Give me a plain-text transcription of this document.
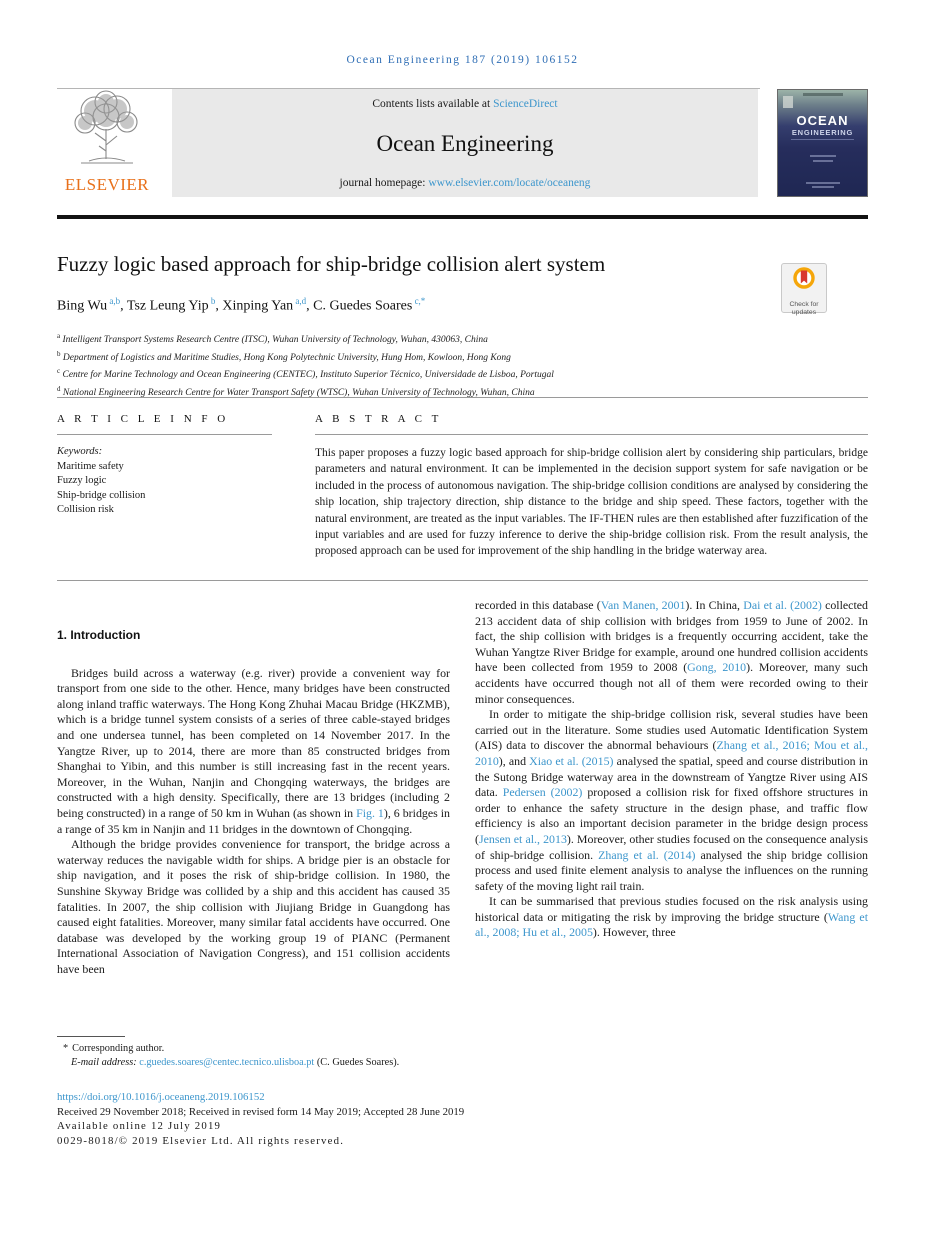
Ocean Engineering 187 (2019) 106152
ELSEVIER
Contents lists available at ScienceDirect
Ocean Engineering
journal homepage: www.elsevier.com/locate/oceaneng
OCEAN
ENGINEERING
Fuzzy logic based approach for ship-bridge collision alert system
Check for updates
Bing Wu $^{a,b}$, Tsz Leung Yip $^b$, Xinping Yan $^{a,d}$, C. Guedes Soares $^{c,*}$
$^a$ Intelligent Transport Systems Research Centre (ITSC), Wuhan University of Technology, Wuhan, 430063, China
$^b$ Department of Logistics and Maritime Studies, Hong Kong Polytechnic University, Hung Hom, Kowloon, Hong Kong
$^c$ Centre for Marine Technology and Ocean Engineering (CENTEC), Instituto Superior Técnico, Universidade de Lisboa, Portugal
$^d$ National Engineering Research Centre for Water Transport Safety (WTSC), Wuhan University of Technology, Wuhan, China
A R T I C L E I N F O
Keywords:
Maritime safety
Fuzzy logic
Ship-bridge collision
Collision risk
A B S T R A C T
This paper proposes a fuzzy logic based approach for ship-bridge collision alert by considering ship particulars, bridge parameters and natural environment. It can be implemented in the decision support system for safe navigation or be included in the process of autonomous navigation. The ship-bridge collision conditions are analysed by considering the ship location, ship trajectory direction, ship distance to the bridge and ship speed. These factors, together with the natural environment, are treated as the input variables. The IF-THEN rules are then established after fuzzification of the input variables and are used for fuzzy inference to derive the ship-bridge collision risk. From the result analysis, the proposed approach can be used for improvement of the ship handling in the bridge waterway area.
1. Introduction

Bridges build across a waterway (e.g. river) provide a convenient way for transport from one side to the other. Hence, many bridges have been constructed along inland traffic waterways. The Hong Kong Zhuhai Macau Bridge (HKZMB), which is a bridge tunnel system consists of a series of three cable-stayed bridges and one undersea tunnel, has been completed on 14 November 2017. In the Yangtze River, up to 2014, there are more than 85 constructed bridges from Shanghai to Yibin, and this number is still increasing fast in the recent years. Moreover, in the Wuhan, Nanjin and Chongqing waterways, the bridges are constructed with a high density. Specifically, there are 13 bridges (including 2 being constructed) in a range of 50 km in Wuhan (as shown in Fig. 1), 6 bridges in a range of 35 km in Nanjin and 11 bridges in the downtown of Chongqing.

Although the bridge provides convenience for transport, the bridge across a waterway reduces the navigable width for ships. A bridge pier is an obstacle for ship navigation, and it poses the risk of ship-bridge collision. In 1980, the Sunshine Skyway Bridge was collided by a ship and this accident has caused 35 fatalities. In 2007, the ship collision with Jiujiang Bridge in Guangdong has caused eight fatalities. Moreover, many similar fatal accidents have occurred. One database was developed by the working group 19 of PIANC (Permanent International Association of Navigation Congress), and 151 collision accidents have been

recorded in this database (Van Manen, 2001). In China, Dai et al. (2002) collected 213 accident data of ship collision with bridges from 1959 to June of 2002. In fact, the ship collision with bridges is a frequently occurring accident, take the Wuhan Yangtze River Bridge for example, around one hundred collision accidents have been collected from 1959 to 2008 (Gong, 2010). Moreover, many such accidents have occurred though not all of them were recorded owing to their minor consequences.

In order to mitigate the ship-bridge collision risk, several studies have been carried out in the literature. Some studies used Automatic Identification System (AIS) data to discover the abnormal behaviours (Zhang et al., 2016; Mou et al., 2010), and Xiao et al. (2015) analysed the spatial, speed and course distribution in the Sutong Bridge waterway area in the downstream of Yangtze River using AIS data. Pedersen (2002) proposed a collision risk for fixed offshore structures in order to enhance the safety structure in the design phase, and traffic flow efficiency is also an important decision parameter in the bridge design process (Jensen et al., 2013). Moreover, other studies focused on the consequence analysis of ship-bridge collision. Zhang et al. (2014) analysed the ship bridge collision process and used finite element analysis to analyse the influences on the running safety of the moving light rail train.

It can be summarised that previous studies focused on the risk analysis using historical data or mitigating the risk by improving the bridge structure (Wang et al., 2008; Hu et al., 2005). However, three

* Corresponding author.
E-mail address: c.guedes.soares@centec.tecnico.ulisboa.pt (C. Guedes Soares).
https://doi.org/10.1016/j.oceaneng.2019.106152
Received 29 November 2018; Received in revised form 14 May 2019; Accepted 28 June 2019
Available online 12 July 2019
0029-8018/© 2019 Elsevier Ltd. All rights reserved.
